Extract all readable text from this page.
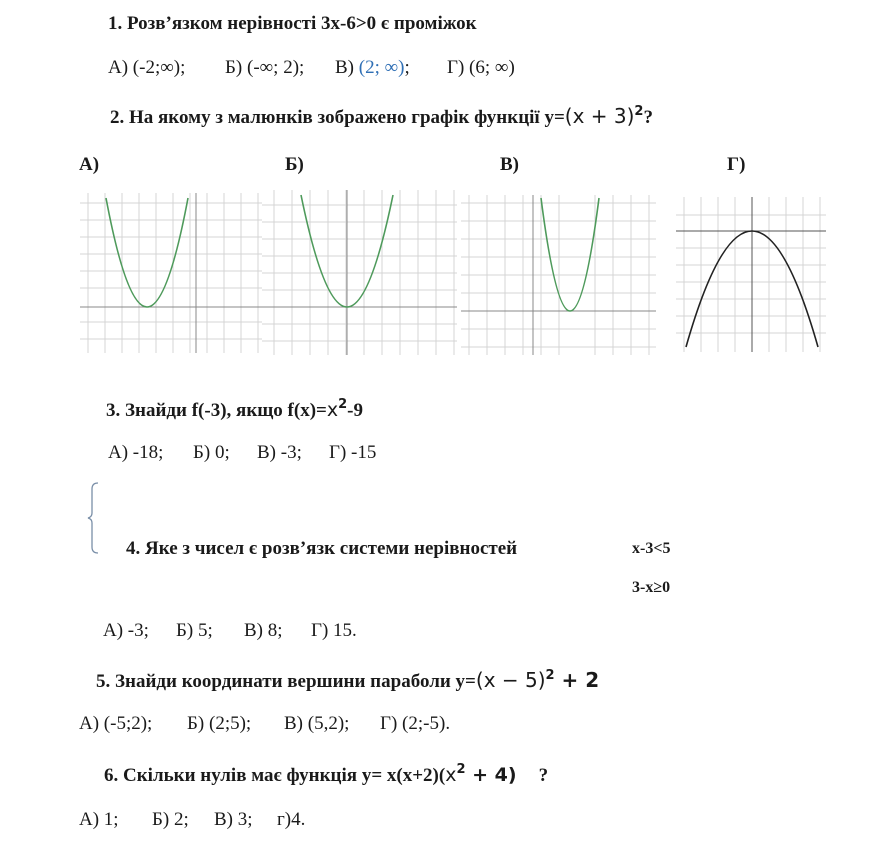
1. Розв’язком нерівності 3х-6>0 є проміжок
А) (-2;∞); Б) (-∞; 2); В) (2; ∞); Г) (6; ∞)
2. На якому з малюнків зображено графік функції $у=(x + 3)^2$?
А)	Б)	В)	Г)
3. Знайди f(-3), якщо $f(x)=x^2-9$
А) -18; Б) 0; В) -3; Г) -15
4. Яке з чисел є розв’язк системи нерівностей	х-3<5
3-х≥0
А) -3; Б) 5; В) 8; Г) 15.
5. Знайди координати вершини параболи $у=(x - 5)^2 + 2$
А) (-5;2); Б) (2;5); В) (5,2); Г) (2;-5).
6. Скільки нулів має функція $у= х(х+2)(x^2 + 4)$ ?
А) 1; Б) 2; В) 3; г)4.
